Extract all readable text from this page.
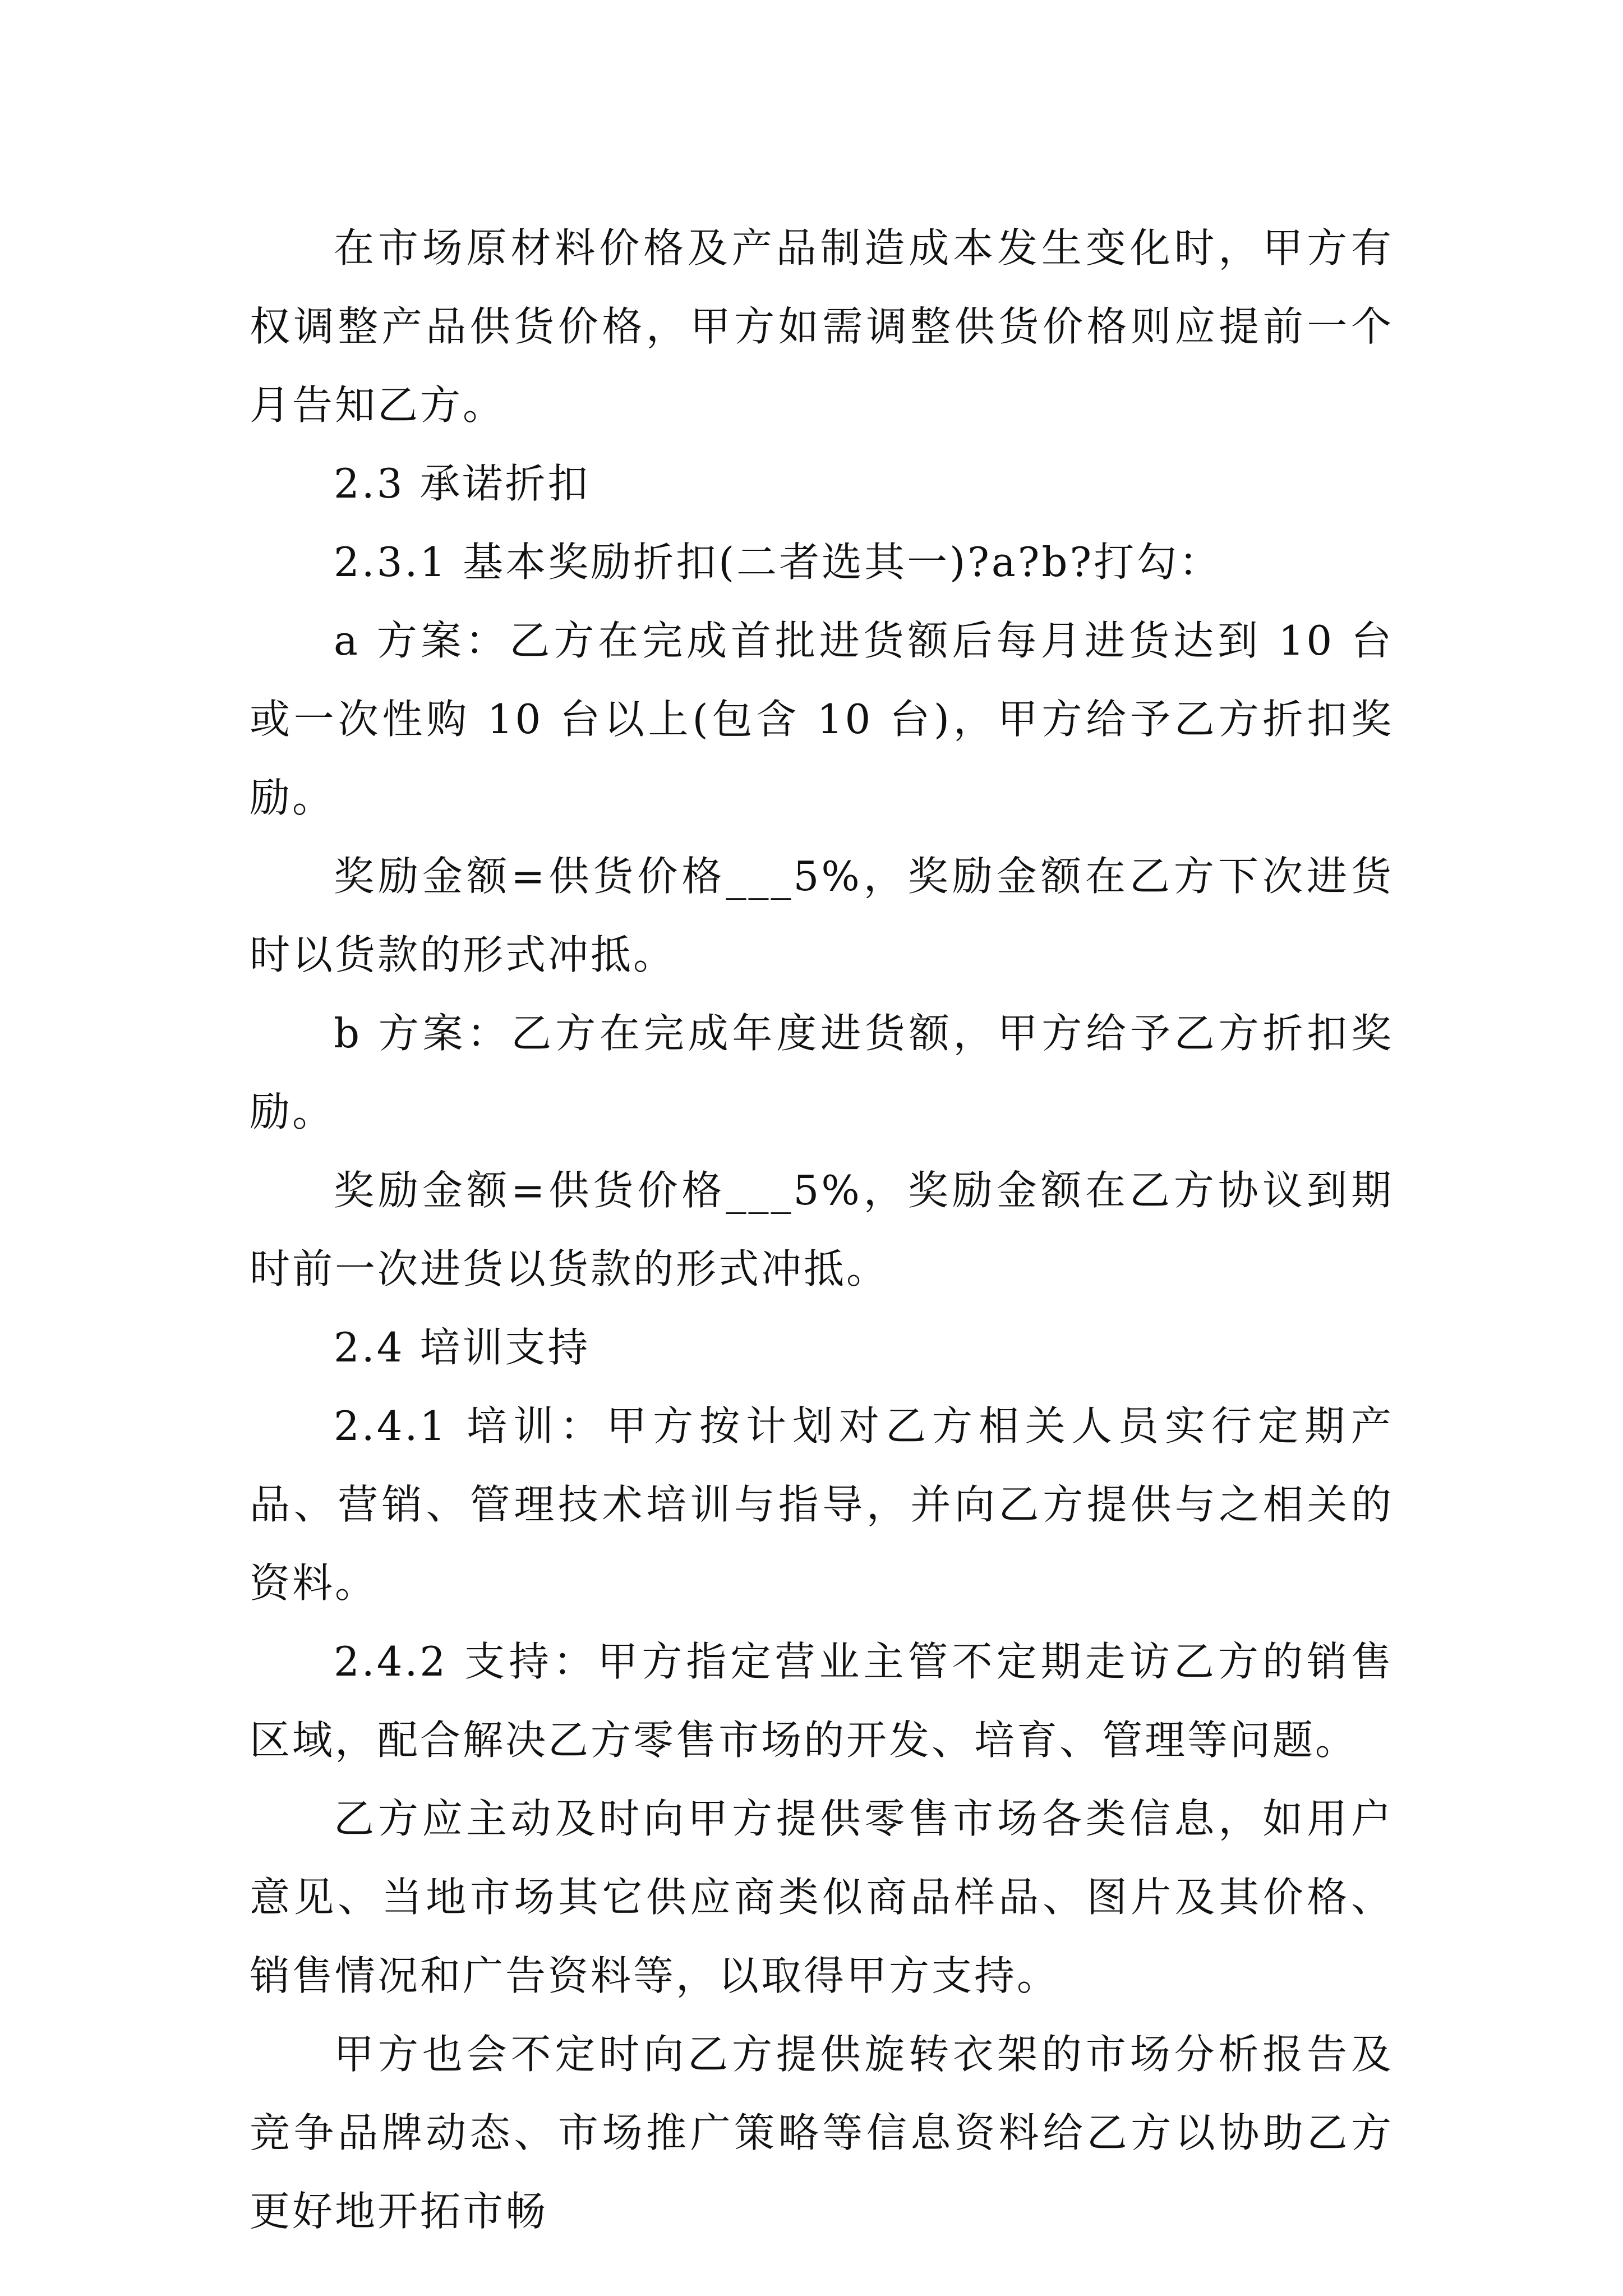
在市场原材料价格及产品制造成本发生变化时，甲方有权调整产品供货价格，甲方如需调整供货价格则应提前一个月告知乙方。

2.3 承诺折扣

2.3.1 基本奖励折扣(二者选其一)?a?b?打勾：

a 方案：乙方在完成首批进货额后每月进货达到 10 台或一次性购 10 台以上(包含 10 台)，甲方给予乙方折扣奖励。

奖励金额=供货价格___5%，奖励金额在乙方下次进货时以货款的形式冲抵。

b 方案：乙方在完成年度进货额，甲方给予乙方折扣奖励。

奖励金额=供货价格___5%，奖励金额在乙方协议到期时前一次进货以货款的形式冲抵。

2.4 培训支持

2.4.1 培训：甲方按计划对乙方相关人员实行定期产品、营销、管理技术培训与指导，并向乙方提供与之相关的资料。

2.4.2 支持：甲方指定营业主管不定期走访乙方的销售区域，配合解决乙方零售市场的开发、培育、管理等问题。

乙方应主动及时向甲方提供零售市场各类信息，如用户意见、当地市场其它供应商类似商品样品、图片及其价格、销售情况和广告资料等，以取得甲方支持。

甲方也会不定时向乙方提供旋转衣架的市场分析报告及竞争品牌动态、市场推广策略等信息资料给乙方以协助乙方更好地开拓市畅
